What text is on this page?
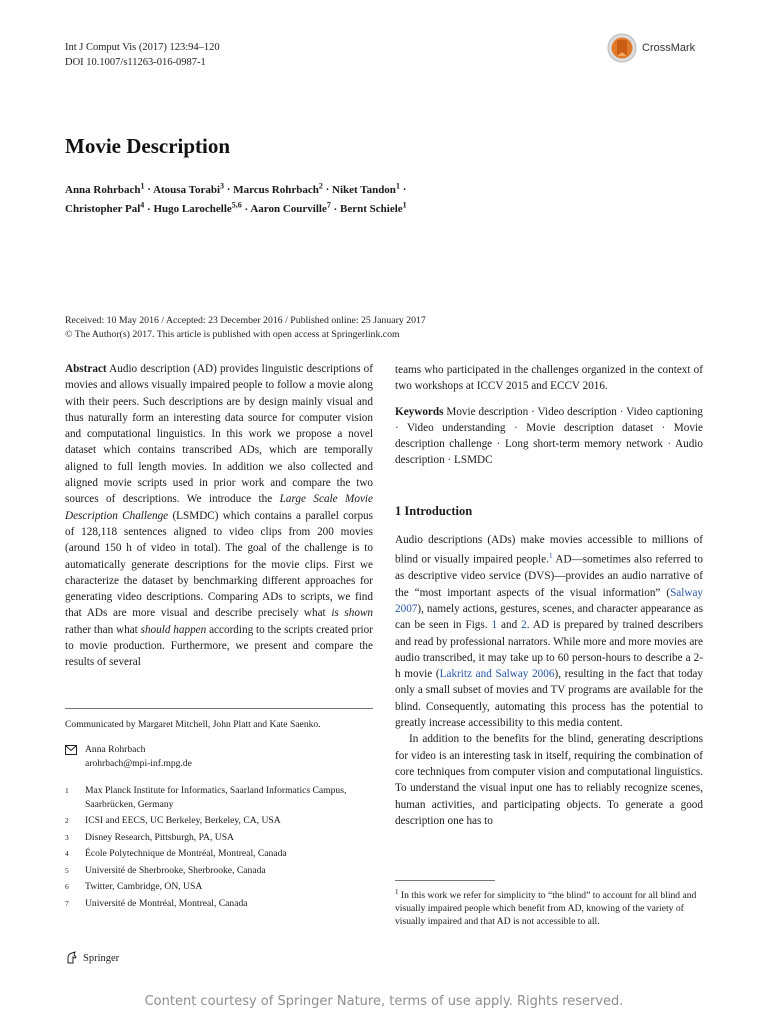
Int J Comput Vis (2017) 123:94–120
DOI 10.1007/s11263-016-0987-1
CrossMark
Movie Description
Anna Rohrbach$^1$ · Atousa Torabi$^3$ · Marcus Rohrbach$^2$ · Niket Tandon$^1$ ·
Christopher Pal$^4$ · Hugo Larochelle$^{5,6}$ · Aaron Courville$^7$ · Bernt Schiele$^1$
Received: 10 May 2016 / Accepted: 23 December 2016 / Published online: 25 January 2017
© The Author(s) 2017. This article is published with open access at Springerlink.com

Abstract Audio description (AD) provides linguistic descriptions of movies and allows visually impaired people to follow a movie along with their peers. Such descriptions are by design mainly visual and thus naturally form an interesting data source for computer vision and computational linguistics. In this work we propose a novel dataset which contains transcribed ADs, which are temporally aligned to full length movies. In addition we also collected and aligned movie scripts used in prior work and compare the two sources of descriptions. We introduce the Large Scale Movie Description Challenge (LSMDC) which contains a parallel corpus of 128,118 sentences aligned to video clips from 200 movies (around 150 h of video in total). The goal of the challenge is to automatically generate descriptions for the movie clips. First we characterize the dataset by benchmarking different approaches for generating video descriptions. Comparing ADs to scripts, we find that ADs are more visual and describe precisely what is shown rather than what should happen according to the scripts created prior to movie production. Furthermore, we present and compare the results of several

teams who participated in the challenges organized in the context of two workshops at ICCV 2015 and ECCV 2016.

Keywords Movie description · Video description · Video captioning · Video understanding · Movie description dataset · Movie description challenge · Long short-term memory network · Audio description · LSMDC

1 Introduction

Audio descriptions (ADs) make movies accessible to millions of blind or visually impaired people.$^1$ AD—sometimes also referred to as descriptive video service (DVS)—provides an audio narrative of the “most important aspects of the visual information” (Salway 2007), namely actions, gestures, scenes, and character appearance as can be seen in Figs. 1 and 2. AD is prepared by trained describers and read by professional narrators. While more and more movies are audio transcribed, it may take up to 60 person-hours to describe a 2-h movie (Lakritz and Salway 2006), resulting in the fact that today only a small subset of movies and TV programs are available for the blind. Consequently, automating this process has the potential to greatly increase accessibility to this media content.

In addition to the benefits for the blind, generating descriptions for video is an interesting task in itself, requiring the combination of core techniques from computer vision and computational linguistics. To understand the visual input one has to reliably recognize scenes, human activities, and participating objects. To generate a good description one has to

Communicated by Margaret Mitchell, John Platt and Kate Saenko.
Anna Rohrbach
arohrbach@mpi-inf.mpg.de
1	Max Planck Institute for Informatics, Saarland Informatics Campus, Saarbrücken, Germany
2	ICSI and EECS, UC Berkeley, Berkeley, CA, USA
3	Disney Research, Pittsburgh, PA, USA
4	École Polytechnique de Montréal, Montreal, Canada
5	Université de Sherbrooke, Sherbrooke, Canada
6	Twitter, Cambridge, ON, USA
7	Université de Montréal, Montreal, Canada
$^1$ In this work we refer for simplicity to “the blind” to account for all blind and visually impaired people which benefit from AD, knowing of the variety of visually impaired and that AD is not accessible to all.
Springer
Content courtesy of Springer Nature, terms of use apply. Rights reserved.
